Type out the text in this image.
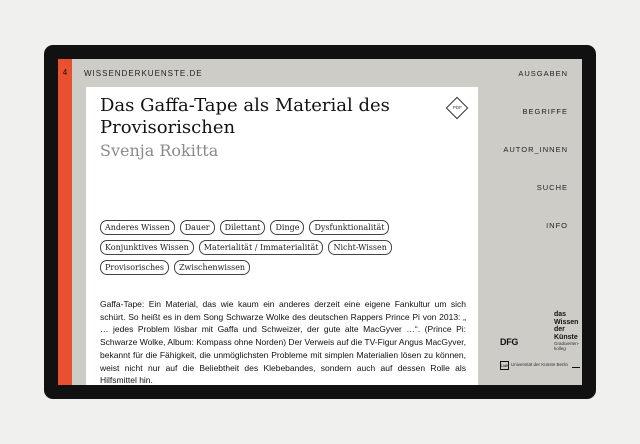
4	WISSENDERKUENSTE.DE	AUSGABEN
BEGRIFFE
AUTOR_INNEN
SUCHE
INFO
Das Gaffa-Tape als Material des Provisorischen
Svenja Rokitta
PDF
Anderes Wissen	Dauer	Dilettant	Dinge	Dysfunktionalität
Konjunktives Wissen	Materialität / Immaterialität	Nicht-Wissen
Provisorisches	Zwischenwissen

Gaffa-Tape: Ein Material, das wie kaum ein anderes derzeit eine eigene Fankultur um sich schürt. So heißt es in dem Song Schwarze Wolke des deutschen Rappers Prince Pi von 2013: „ … jedes Problem lösbar mit Gaffa und Schweizer, der gute alte MacGyver …“. (Prince Pi: Schwarze Wolke, Album: Kompass ohne Norden) Der Verweis auf die TV-Figur Angus MacGyver, bekannt für die Fähigkeit, die unmöglichsten Probleme mit simplen Materialien lösen zu können, weist nicht nur auf die Beliebtheit des Klebebandes, sondern auch auf dessen Rolle als Hilfsmittel hin.

das
Wissen
der
Künste
Graduierten-
kolleg
DFG
UdK Universität der Künste Berlin
